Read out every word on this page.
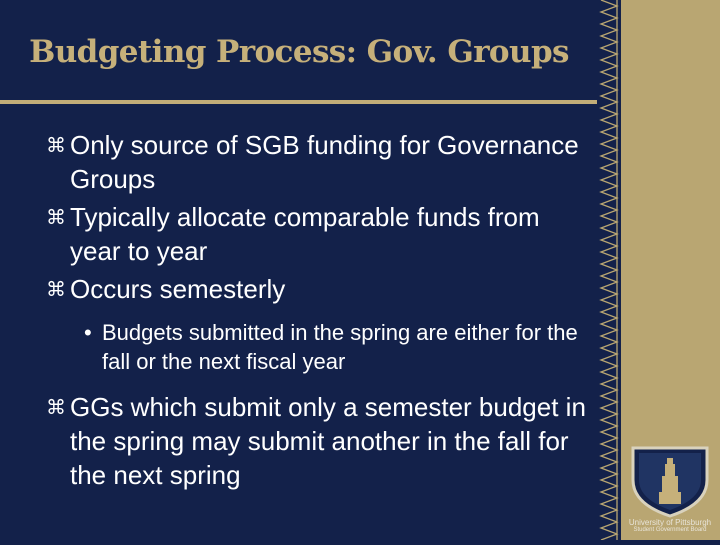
Budgeting Process: Gov. Groups
⌘ Only source of SGB funding for Governance Groups
⌘ Typically allocate comparable funds from year to year
⌘ Occurs semesterly
• Budgets submitted in the spring are either for the fall or the next fiscal year
⌘ GGs which submit only a semester budget in the spring may submit another in the fall for the next spring
University of Pittsburgh
Student Government Board
